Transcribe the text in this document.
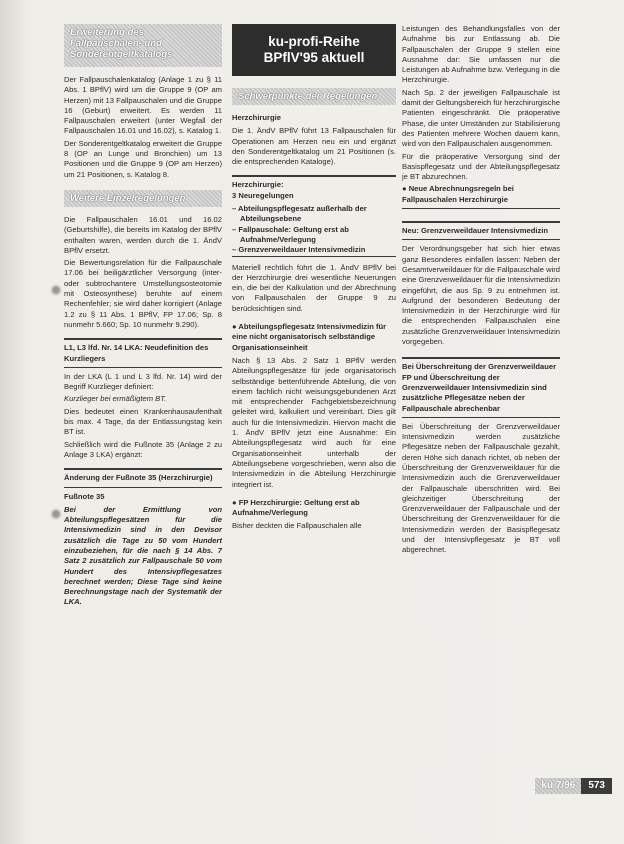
Erweiterung des Fallpauschalen- und Sonderentgeltkatalogs

Der Fallpauschalenkatalog (Anlage 1 zu § 11 Abs. 1 BPflV) wird um die Gruppe 9 (OP am Herzen) mit 13 Fallpauschalen und die Gruppe 16 (Geburt) erweitert. Es werden 11 Fallpauschalen erweitert (unter Wegfall der Fallpauschalen 16.01 und 16.02), s. Katalog 1.

Der Sonderentgeltkatalog erweitert die Gruppe 8 (OP an Lunge und Bronchien) um 13 Positionen und die Gruppe 9 (OP am Herzen) um 21 Positionen, s. Katalog 8.

Weitere Einzelregelungen

Die Fallpauschalen 16.01 und 16.02 (Geburtshilfe), die bereits im Katalog der BPflV enthalten waren, werden durch die 1. ÄndV BPflV ersetzt.

Die Bewertungsrelation für die Fallpauschale 17.06 bei beiligärztlicher Versorgung (inter- oder subtrochantere Umstellungsosteotomie mit Osteosynthese) beruhte auf einem Rechenfehler; sie wird daher korrigiert (Anlage 1.2 zu § 11 Abs. 1 BPflV, FP 17.06; Sp. 8 nunmehr 5.660; Sp. 10 nunmehr 9.290).

L1, L3 lfd. Nr. 14 LKA: Neudefinition des Kurzliegers

In der LKA (L 1 und L 3 lfd. Nr. 14) wird der Begriff Kurzlieger definiert:

Kurzlieger bei ermäßigtem BT.

Dies bedeutet einen Krankenhausaufenthalt bis max. 4 Tage, da der Entlassungstag kein BT ist.

Schließlich wird die Fußnote 35 (Anlage 2 zu Anlage 3 LKA) ergänzt:

Änderung der Fußnote 35 (Herzchirurgie)
Fußnote 35

Bei der Ermittlung von Abteilungspflegesätzen für die Intensivmedizin sind in den Devisor zusätzlich die Tage zu 50 vom Hundert einzubeziehen, für die nach § 14 Abs. 7 Satz 2 zusätzlich zur Fallpauschale 50 vom Hundert des Intensivpflegesatzes berechnet werden; Diese Tage sind keine Berechnungstage nach der Systematik der LKA.

ku-profi-Reihe
BPflV'95 aktuell
Schwerpunkte der Regelungen
Herzchirurgie

Die 1. ÄndV BPflV führt 13 Fallpauschalen für Operationen am Herzen neu ein und ergänzt den Sonderentgeltkatalog um 21 Positionen (s. die entsprechenden Kataloge).

Herzchirurgie:
3 Neuregelungen
– Abteilungspflegesatz außerhalb der Abteilungsebene
– Fallpauschale: Geltung erst ab Aufnahme/Verlegung
– Grenzverweildauer Intensivmedizin

Materiell rechtlich führt die 1. ÄndV BPflV bei der Herzchirurgie drei wesentliche Neuerungen ein, die bei der Kalkulation und der Abrechnung von Fallpauschalen der Gruppe 9 zu berücksichtigen sind.

● Abteilungspflegesatz Intensivmedizin für eine nicht organisatorisch selbständige Organisationseinheit

Nach § 13 Abs. 2 Satz 1 BPflV werden Abteilungspflegesätze für jede organisatorisch selbständige bettenführende Abteilung, die von einem fachlich nicht weisungsgebundenen Arzt mit entsprechender Fachgebietsbezeichnung geleitet wird, kalkuliert und vereinbart. Dies gilt auch für die Intensivmedizin. Hiervon macht die 1. ÄndV BPflV jetzt eine Ausnahme: Ein Abteilungspflegesatz wird auch für eine Organisationseinheit unterhalb der Abteilungsebene vorgeschrieben, wenn also die Intensivmedizin in die Abteilung Herzchirurgie integriert ist.

● FP Herzchirurgie: Geltung erst ab Aufnahme/Verlegung

Bisher deckten die Fallpauschalen alle

Leistungen des Behandlungsfalles von der Aufnahme bis zur Entlassung ab. Die Fallpauschalen der Gruppe 9 stellen eine Ausnahme dar: Sie umfassen nur die Leistungen ab Aufnahme bzw. Verlegung in die Herzchirurgie.

Nach Sp. 2 der jeweiligen Fallpauschale ist damit der Geltungsbereich für herzchirurgische Patienten eingeschränkt. Die präoperative Phase, die unter Umständen zur Stabilisierung des Patienten mehrere Wochen dauern kann, wird von den Fallpauschalen ausgenommen.

Für die präoperative Versorgung sind der Basispflegesatz und der Abteilungspflegesatz je BT abzurechnen.

● Neue Abrechnungsregeln bei Fallpauschalen Herzchirurgie
Neu: Grenzverweildauer Intensivmedizin

Der Verordnungsgeber hat sich hier etwas ganz Besonderes einfallen lassen: Neben der Gesamtverweildauer für die Fallpauschale wird eine Grenzverweildauer für die Intensivmedizin eingeführt, die aus Sp. 9 zu entnehmen ist. Aufgrund der besonderen Bedeutung der Intensivmedizin in der Herzchirurgie wird für die entsprechenden Fallpauschalen eine zusätzliche Grenzverweildauer Intensivmedizin vorgegeben.

Bei Überschreitung der Grenzverweildauer FP und Überschreitung der Grenzverweildauer Intensivmedizin sind zusätzliche Pflegesätze neben der Fallpauschale abrechenbar

Bei Überschreitung der Grenzverweildauer Intensivmedizin werden zusätzliche Pflegesätze neben der Fallpauschale gezahlt, deren Höhe sich danach richtet, ob neben der Überschreitung der Grenzverweildauer für die Intensivmedizin auch die Grenzverweildauer der Fallpauschale überschritten wird. Bei gleichzeitiger Überschreitung der Grenzverweildauer der Fallpauschale und der Überschreitung der Grenzverweildauer für die Intensivmedizin werden der Basispflegesatz und der Intensivpflegesatz je BT voll abgerechnet.

ku 7/96	573
